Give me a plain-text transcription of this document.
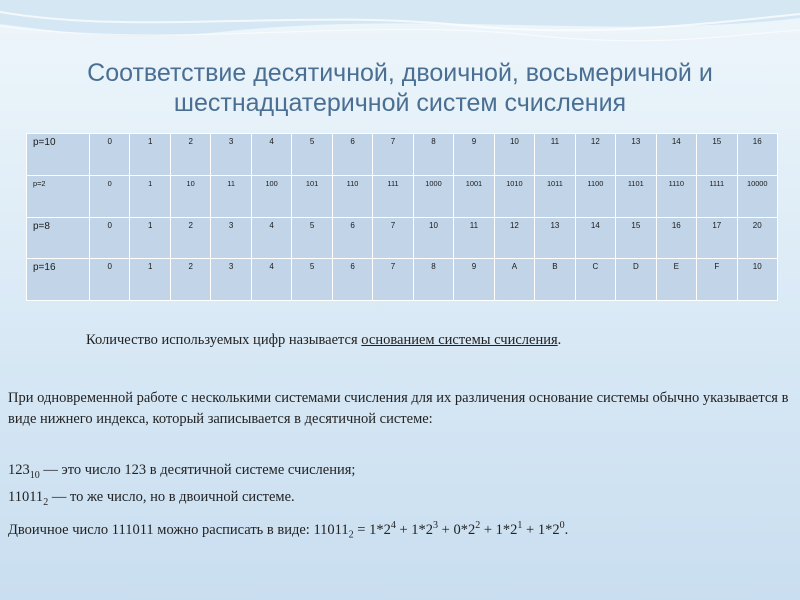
Соответствие десятичной, двоичной, восьмеричной и
шестнадцатеричной систем счисления
p=10	0	1	2	3	4	5	6	7	8	9	10	11	12	13	14	15	16
p=2	0	1	10	11	100	101	110	111	1000	1001	1010	1011	1100	1101	1110	1111	10000
p=8	0	1	2	3	4	5	6	7	10	11	12	13	14	15	16	17	20
p=16	0	1	2	3	4	5	6	7	8	9	A	B	C	D	E	F	10
Количество используемых цифр называется основанием системы счисления.
При одновременной работе с несколькими системами счисления для их различения основание системы обычно указывается в виде нижнего индекса, который записывается в десятичной системе:
$123_{10}$ — это число 123 в десятичной системе счисления;
$11011_2$ — то же число, но в двоичной системе.
Двоичное число 111011 можно расписать в виде: $11011_2 = 1*2^4 + 1*2^3 + 0*2^2 + 1*2^1 + 1*2^0$.
